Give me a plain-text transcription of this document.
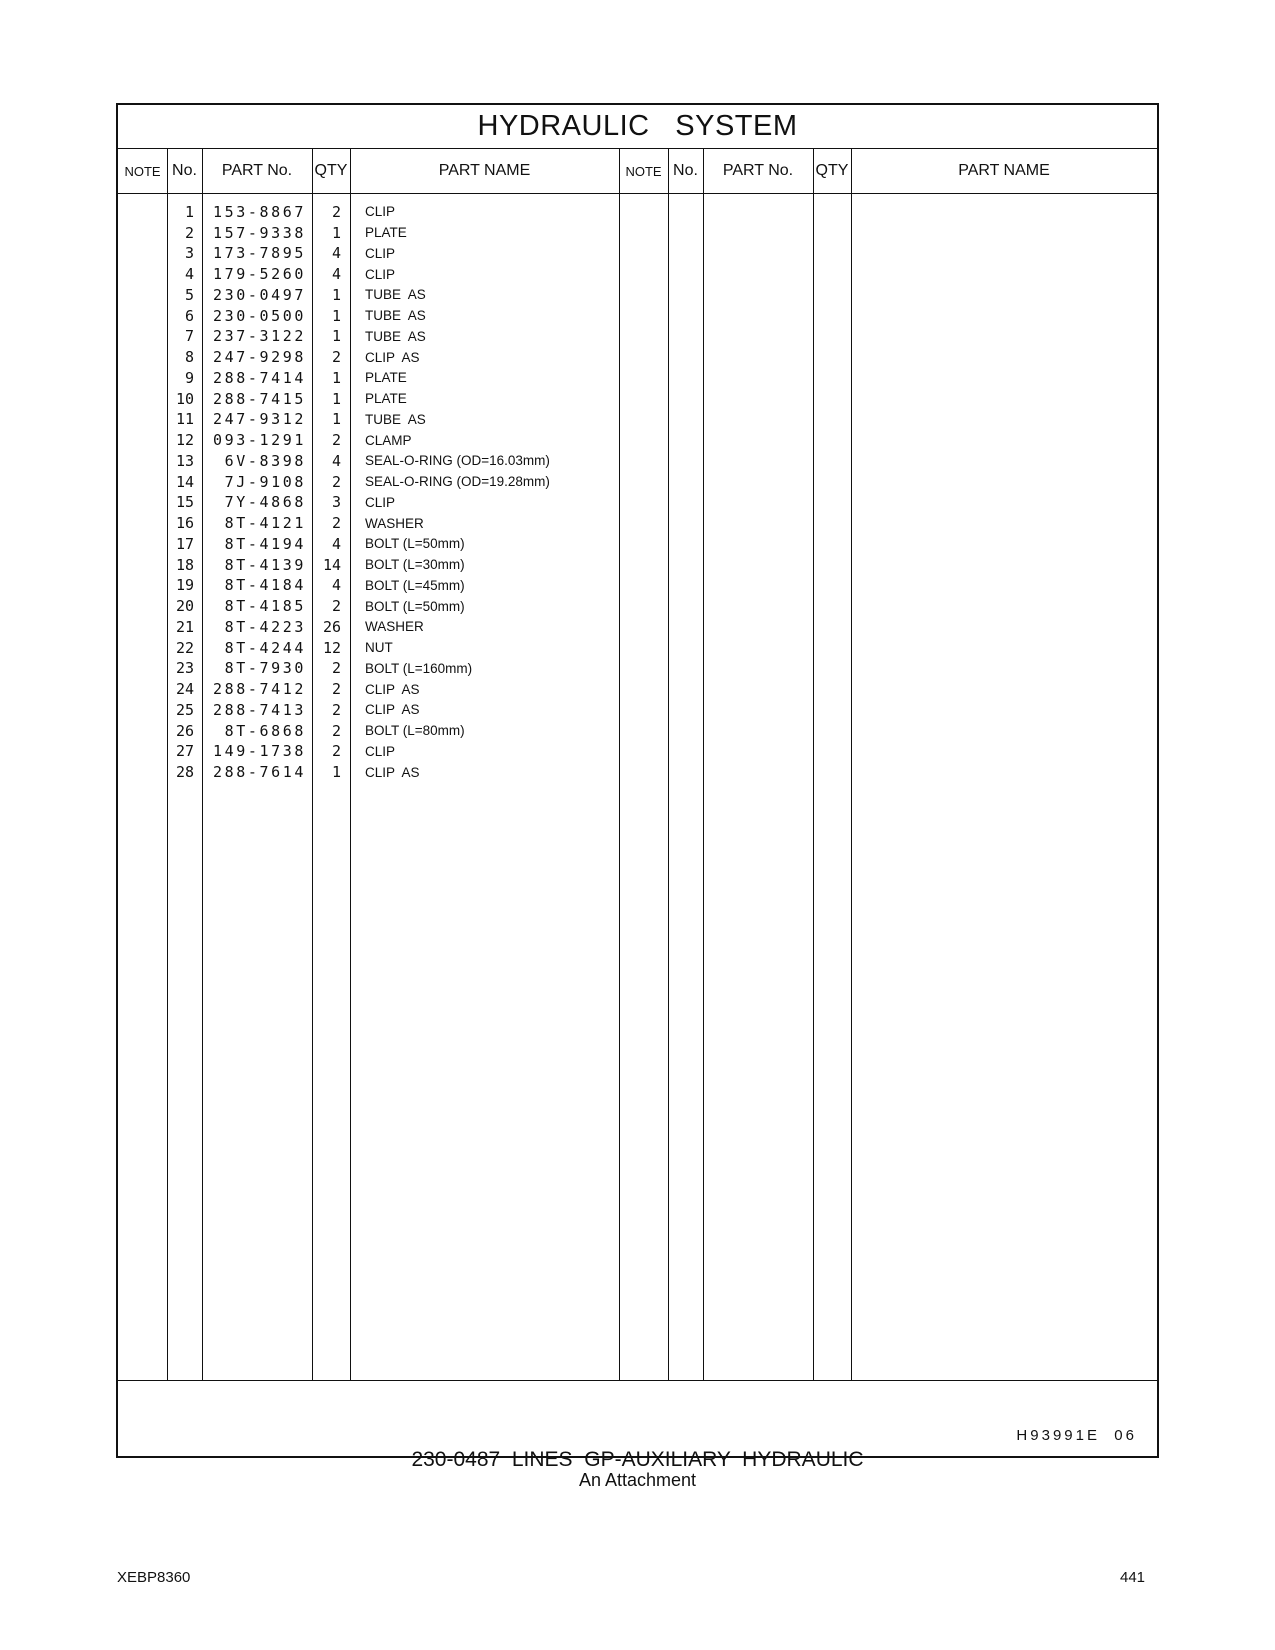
HYDRAULIC   SYSTEM
NOTE No.	PART No.	QTY	PART NAME	NOTE No.	PART No.	QTY	PART NAME
1	153-8867	2 CLIP
2	157-9338	1 PLATE
3	173-7895	4 CLIP
4	179-5260	4 CLIP
5	230-0497	1 TUBE  AS
6	230-0500	1 TUBE  AS
7	237-3122	1 TUBE  AS
8	247-9298	2 CLIP  AS
9	288-7414	1 PLATE
10	288-7415	1 PLATE
11	247-9312	1 TUBE  AS
12	093-1291	2 CLAMP
13	6V-8398	4 SEAL-O-RING (OD=16.03mm)
14	7J-9108	2 SEAL-O-RING (OD=19.28mm)
15	7Y-4868	3 CLIP
16	8T-4121	2 WASHER
17	8T-4194	4 BOLT (L=50mm)
18	8T-4139	14 BOLT (L=30mm)
19	8T-4184	4 BOLT (L=45mm)
20	8T-4185	2 BOLT (L=50mm)
21	8T-4223	26 WASHER
22	8T-4244	12 NUT
23	8T-7930	2 BOLT (L=160mm)
24	288-7412	2 CLIP  AS
25	288-7413	2 CLIP  AS
26	8T-6868	2 BOLT (L=80mm)
27	149-1738	2 CLIP
28	288-7614	1 CLIP  AS
H93991E  06
230-0487  LINES  GP-AUXILIARY  HYDRAULIC
An Attachment
XEBP8360	441
